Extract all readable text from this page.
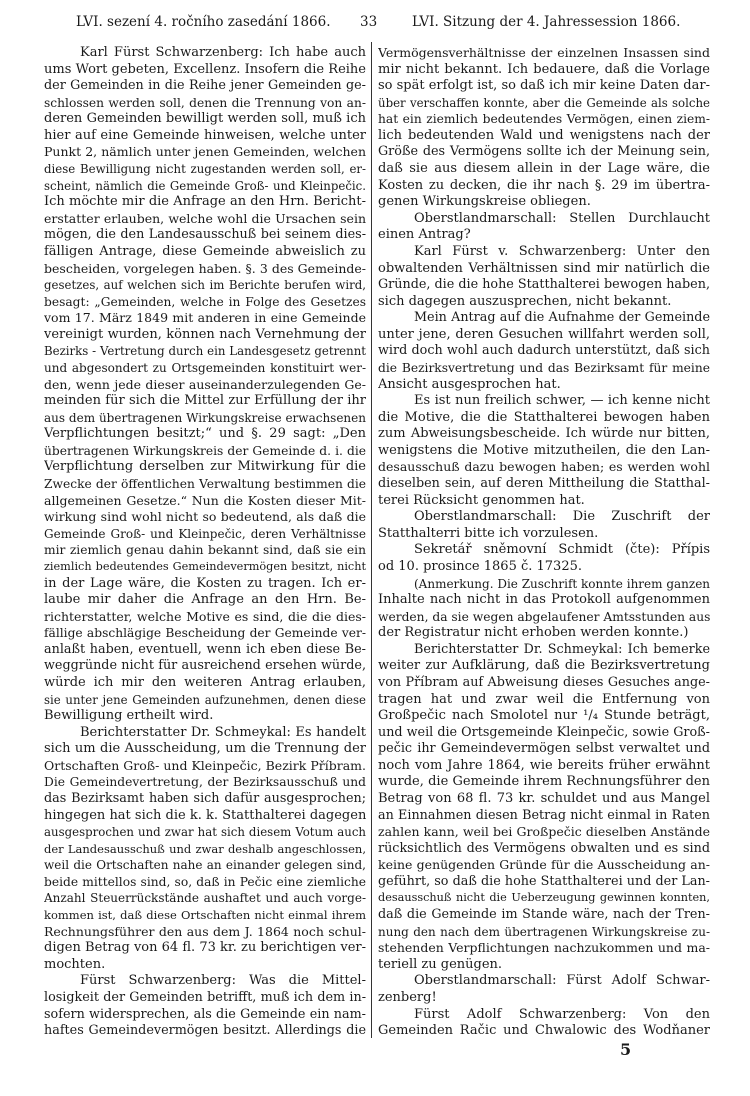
LVI. sezení 4. ročního zasedání 1866. 33	LVI. Sitzung der 4. Jahressession 1866.
Karl Fürst Schwarzenberg: Ich habe auch
ums Wort gebeten, Excellenz. Insofern die Reihe
der Gemeinden in die Reihe jener Gemeinden ge-
schlossen werden soll, denen die Trennung von an-
deren Gemeinden bewilligt werden soll, muß ich
hier auf eine Gemeinde hinweisen, welche unter
Punkt 2, nämlich unter jenen Gemeinden, welchen
diese Bewilligung nicht zugestanden werden soll, er-
scheint, nämlich die Gemeinde Groß- und Kleinpečic.
Ich möchte mir die Anfrage an den Hrn. Bericht-
erstatter erlauben, welche wohl die Ursachen sein
mögen, die den Landesausschuß bei seinem dies-
fälligen Antrage, diese Gemeinde abweislich zu
bescheiden, vorgelegen haben. §. 3 des Gemeinde-
gesetzes, auf welchen sich im Berichte berufen wird,
besagt: „Gemeinden, welche in Folge des Gesetzes
vom 17. März 1849 mit anderen in eine Gemeinde
vereinigt wurden, können nach Vernehmung der
Bezirks - Vertretung durch ein Landesgesetz getrennt
und abgesondert zu Ortsgemeinden konstituirt wer-
den, wenn jede dieser auseinanderzulegenden Ge-
meinden für sich die Mittel zur Erfüllung der ihr
aus dem übertragenen Wirkungskreise erwachsenen
Verpflichtungen besitzt;“ und §. 29 sagt: „Den
übertragenen Wirkungskreis der Gemeinde d. i. die
Verpflichtung derselben zur Mitwirkung für die
Zwecke der öffentlichen Verwaltung bestimmen die
allgemeinen Gesetze.“ Nun die Kosten dieser Mit-
wirkung sind wohl nicht so bedeutend, als daß die
Gemeinde Groß- und Kleinpečic, deren Verhältnisse
mir ziemlich genau dahin bekannt sind, daß sie ein
ziemlich bedeutendes Gemeindevermögen besitzt, nicht
in der Lage wäre, die Kosten zu tragen. Ich er-
laube mir daher die Anfrage an den Hrn. Be-
richterstatter, welche Motive es sind, die die dies-
fällige abschlägige Bescheidung der Gemeinde ver-
anlaßt haben, eventuell, wenn ich eben diese Be-
weggründe nicht für ausreichend ersehen würde,
würde ich mir den weiteren Antrag erlauben,
sie unter jene Gemeinden aufzunehmen, denen diese
Bewilligung ertheilt wird.
Berichterstatter Dr. Schmeykal: Es handelt
sich um die Ausscheidung, um die Trennung der
Ortschaften Groß- und Kleinpečic, Bezirk Příbram.
Die Gemeindevertretung, der Bezirksausschuß und
das Bezirksamt haben sich dafür ausgesprochen;
hingegen hat sich die k. k. Statthalterei dagegen
ausgesprochen und zwar hat sich diesem Votum auch
der Landesausschuß und zwar deshalb angeschlossen,
weil die Ortschaften nahe an einander gelegen sind,
beide mittellos sind, so, daß in Pečic eine ziemliche
Anzahl Steuerrückstände aushaftet und auch vorge-
kommen ist, daß diese Ortschaften nicht einmal ihrem
Rechnungsführer den aus dem J. 1864 noch schul-
digen Betrag von 64 fl. 73 kr. zu berichtigen ver-
mochten.
Fürst Schwarzenberg: Was die Mittel-
losigkeit der Gemeinden betrifft, muß ich dem in-
sofern widersprechen, als die Gemeinde ein nam-
haftes Gemeindevermögen besitzt. Allerdings die
Vermögensverhältnisse der einzelnen Insassen sind
mir nicht bekannt. Ich bedauere, daß die Vorlage
so spät erfolgt ist, so daß ich mir keine Daten dar-
über verschaffen konnte, aber die Gemeinde als solche
hat ein ziemlich bedeutendes Vermögen, einen ziem-
lich bedeutenden Wald und wenigstens nach der
Größe des Vermögens sollte ich der Meinung sein,
daß sie aus diesem allein in der Lage wäre, die
Kosten zu decken, die ihr nach §. 29 im übertra-
genen Wirkungskreise obliegen.
Oberstlandmarschall: Stellen Durchlaucht
einen Antrag?
Karl Fürst v. Schwarzenberg: Unter den
obwaltenden Verhältnissen sind mir natürlich die
Gründe, die die hohe Statthalterei bewogen haben,
sich dagegen auszusprechen, nicht bekannt.
Mein Antrag auf die Aufnahme der Gemeinde
unter jene, deren Gesuchen willfahrt werden soll,
wird doch wohl auch dadurch unterstützt, daß sich
die Bezirksvertretung und das Bezirksamt für meine
Ansicht ausgesprochen hat.
Es ist nun freilich schwer, — ich kenne nicht
die Motive, die die Statthalterei bewogen haben
zum Abweisungsbescheide. Ich würde nur bitten,
wenigstens die Motive mitzutheilen, die den Lan-
desausschuß dazu bewogen haben; es werden wohl
dieselben sein, auf deren Mittheilung die Statthal-
terei Rücksicht genommen hat.
Oberstlandmarschall: Die Zuschrift der
Statthalterri bitte ich vorzulesen.
Sekretář sněmovní Schmidt (čte): Přípis
od 10. prosince 1865 č. 17325.
(Anmerkung. Die Zuschrift konnte ihrem ganzen
Inhalte nach nicht in das Protokoll aufgenommen
werden, da sie wegen abgelaufener Amtsstunden aus
der Registratur nicht erhoben werden konnte.)
Berichterstatter Dr. Schmeykal: Ich bemerke
weiter zur Aufklärung, daß die Bezirksvertretung
von Příbram auf Abweisung dieses Gesuches ange-
tragen hat und zwar weil die Entfernung von
Großpečic nach Smolotel nur ¹/₄ Stunde beträgt,
und weil die Ortsgemeinde Kleinpečic, sowie Groß-
pečic ihr Gemeindevermögen selbst verwaltet und
noch vom Jahre 1864, wie bereits früher erwähnt
wurde, die Gemeinde ihrem Rechnungsführer den
Betrag von 68 fl. 73 kr. schuldet und aus Mangel
an Einnahmen diesen Betrag nicht einmal in Raten
zahlen kann, weil bei Großpečic dieselben Anstände
rücksichtlich des Vermögens obwalten und es sind
keine genügenden Gründe für die Ausscheidung an-
geführt, so daß die hohe Statthalterei und der Lan-
desausschuß nicht die Ueberzeugung gewinnen konnten,
daß die Gemeinde im Stande wäre, nach der Tren-
nung den nach dem übertragenen Wirkungskreise zu-
stehenden Verpflichtungen nachzukommen und ma-
teriell zu genügen.
Oberstlandmarschall: Fürst Adolf Schwar-
zenberg!
Fürst Adolf Schwarzenberg: Von den
Gemeinden Račic und Chwalowic des Wodňaner
5
